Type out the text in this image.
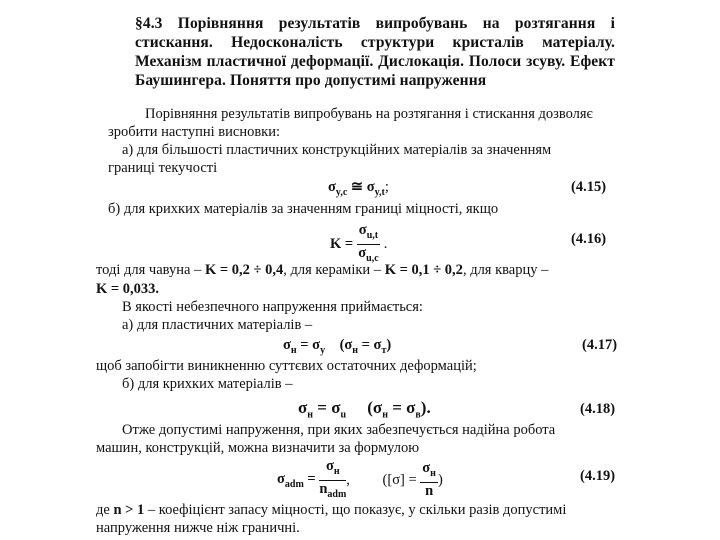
§4.3 Порівняння результатів випробувань на розтягання і стискання. Недосконалість структури кристалів матеріалу. Механізм пластичної деформації. Дислокація. Полоси зсуву. Ефект Баушингера. Поняття про допустимі напруження
Порівняння результатів випробувань на розтягання і стискання дозволяє
зробити наступні висновки:
а) для більшості пластичних конструкційних матеріалів за значенням
границі текучості
$\sigma_{y,c}$ ≅ $\sigma_{y,t}$;	(4.15)
б) для крихких матеріалів за значенням границі міцності, якщо
$K = \frac{\sigma_{u,t}}{\sigma_{u,c}}$ .	(4.16)
тоді для чавуна – K = 0,2 ÷ 0,4, для кераміки – K = 0,1 ÷ 0,2, для кварцу –
K = 0,033.
В якості небезпечного напруження приймається:
а) для пластичних матеріалів –
$\sigma_н = \sigma_y$ $(\sigma_н = \sigma_т)$	(4.17)
щоб запобігти виникненню суттєвих остаточних деформацій;
б) для крихких матеріалів –
$\sigma_н = \sigma_u$ $(\sigma_н = \sigma_в)$.	(4.18)
Отже допустимі напруження, при яких забезпечується надійна робота
машин, конструкцій, можна визначити за формулою
$\sigma_{adm} = \frac{\sigma_н}{n_{adm}}$ , ($[\sigma] = \frac{\sigma_н}{n}$ )	(4.19)
де n > 1 – коефіцієнт запасу міцності, що показує, у скільки разів допустимі
напруження нижче ніж граничні.
